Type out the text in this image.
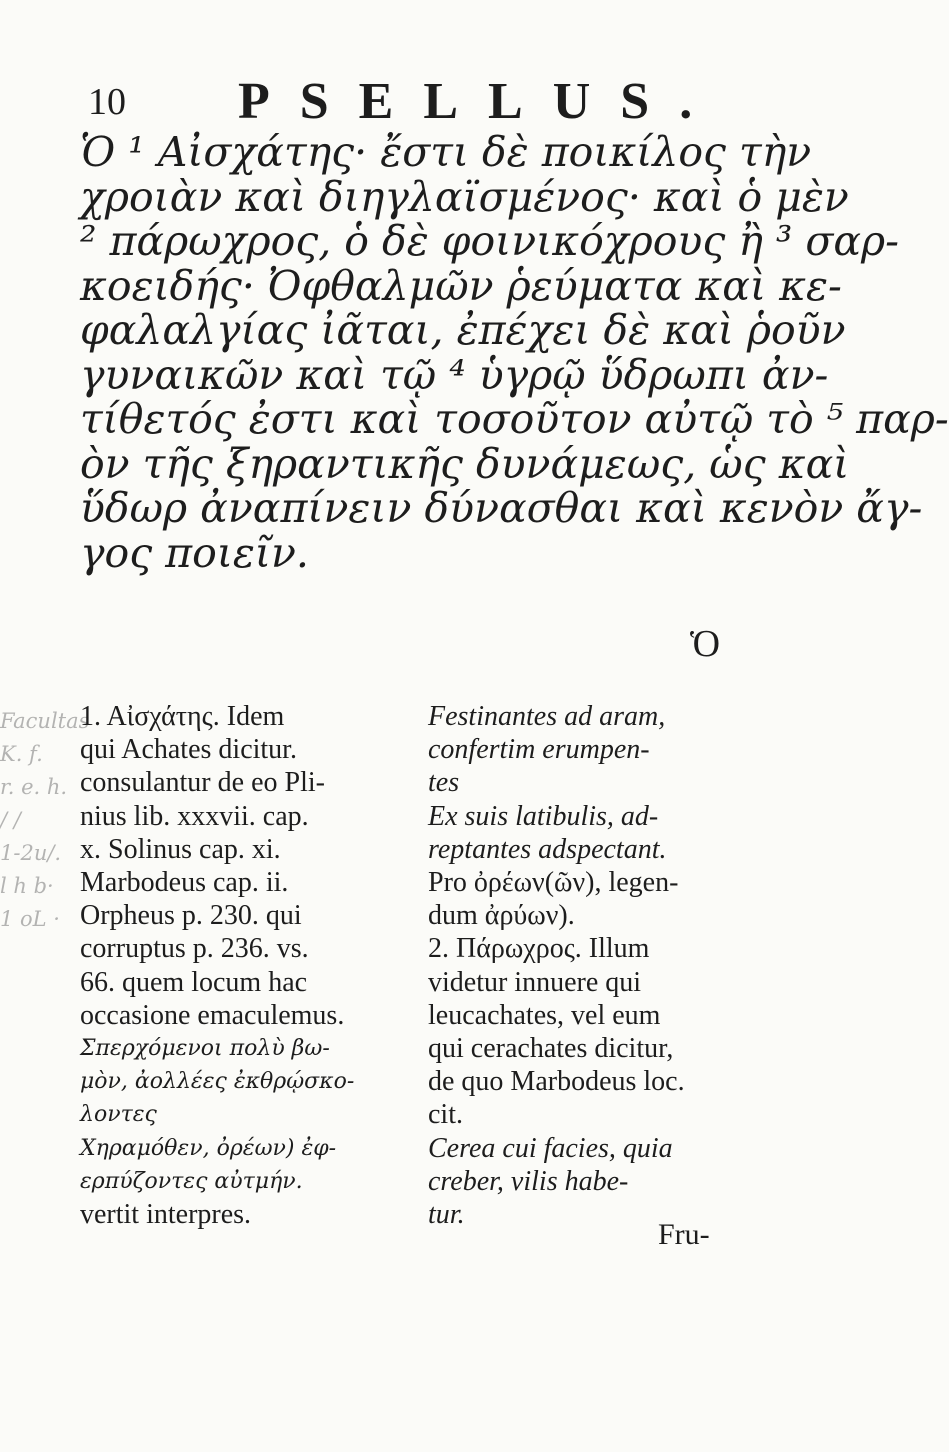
10 PSELLUS.
Ὁ ¹ Αἰσχάτης· ἔστι δὲ ποικίλος τὴν
χροιὰν καὶ διηγλαϊσμένος· καὶ ὁ μὲν
² πάρωχρος, ὁ δὲ φοινικόχρους ἢ ³ σαρ-
κοειδής· Ὀφθαλμῶν ῥεύματα καὶ κε-
φαλαλγίας ἰᾶται, ἐπέχει δὲ καὶ ῥοῦν
γυναικῶν καὶ τῷ ⁴ ὑγρῷ ὕδρωπι ἀν-
τίθετός ἐστι καὶ τοσοῦτον αὐτῷ τὸ ⁵ παρ-
ὸν τῆς ξηραντικῆς δυνάμεως, ὡς καὶ
ὕδωρ ἀναπίνειν δύνασθαι καὶ κενὸν ἄγ-
γος ποιεῖν.
Ὁ
Facultas
K. f.
r. e. h.
/ /
1-2u/.
l h b·
1 oL ·
1. Αἰσχάτης. Idem
qui Achates dicitur.
consulantur de eo Pli-
nius lib. xxxvii. cap.
x. Solinus cap. xi.
Marbodeus cap. ii.
Orpheus p. 230. qui
corruptus p. 236. vs.
66. quem locum hac
occasione emaculemus.
Σπερχόμενοι πολὺ βω-
μὸν, ἀολλέες ἐκθρῴσκο-
λοντες
Χηραμόθεν, ὀρέων) ἐφ-
ερπύζοντες αὐτμήν.
vertit interpres.
Festinantes ad aram,
confertim erumpen-
tes
Ex suis latibulis, ad-
reptantes adspectant.
Pro ὀρέων(ῶν), legen-
dum ἀρύων).
2. Πάρωχρος. Illum
videtur innuere qui
leucachates, vel eum
qui cerachates dicitur,
de quo Marbodeus loc.
cit.
Cerea cui facies, quia
creber, vilis habe-
tur.
Fru-
